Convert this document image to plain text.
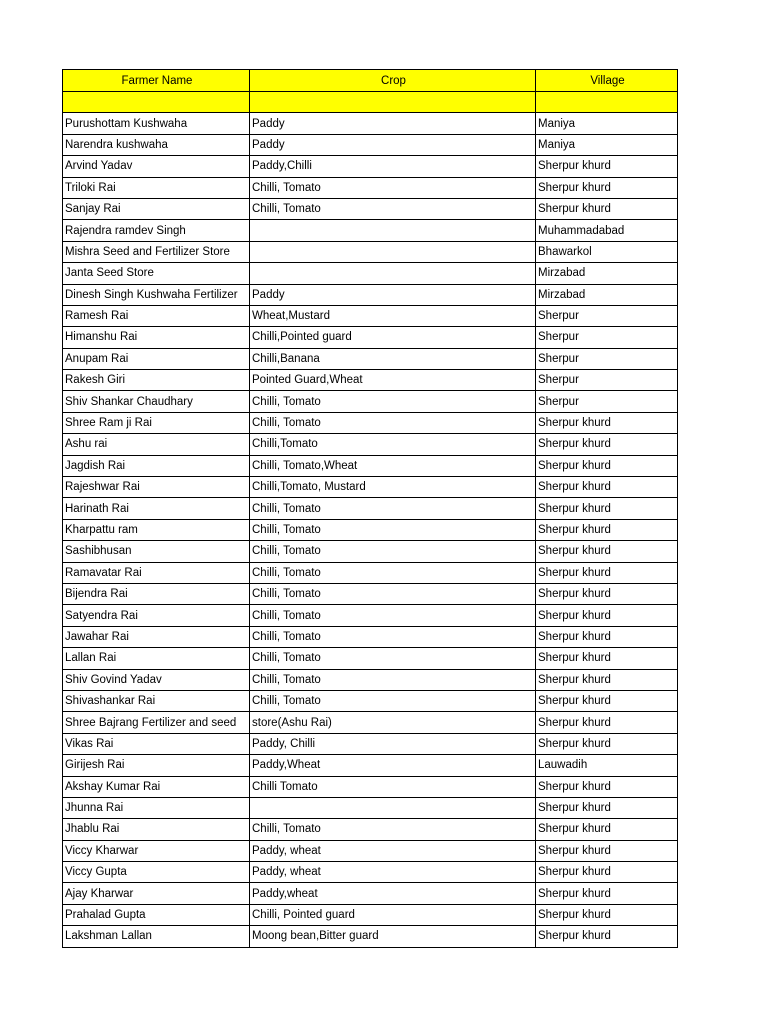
Farmer Name	Crop	Village

Purushottam Kushwaha	Paddy	Maniya
Narendra kushwaha	Paddy	Maniya
Arvind Yadav	Paddy,Chilli	Sherpur khurd
Triloki Rai	Chilli, Tomato	Sherpur khurd
Sanjay Rai	Chilli, Tomato	Sherpur khurd
Rajendra ramdev Singh		Muhammadabad
Mishra Seed and Fertilizer Store		Bhawarkol
Janta Seed Store		Mirzabad
Dinesh Singh Kushwaha Fertilizer	Paddy	Mirzabad
Ramesh Rai	Wheat,Mustard	Sherpur
Himanshu Rai	Chilli,Pointed guard	Sherpur
Anupam Rai	Chilli,Banana	Sherpur
Rakesh Giri	Pointed Guard,Wheat	Sherpur
Shiv Shankar Chaudhary	Chilli, Tomato	Sherpur
Shree Ram ji Rai	Chilli, Tomato	Sherpur khurd
Ashu rai	Chilli,Tomato	Sherpur khurd
Jagdish Rai	Chilli, Tomato,Wheat	Sherpur khurd
Rajeshwar Rai	Chilli,Tomato, Mustard	Sherpur khurd
Harinath Rai	Chilli, Tomato	Sherpur khurd
Kharpattu ram	Chilli, Tomato	Sherpur khurd
Sashibhusan	Chilli, Tomato	Sherpur khurd
Ramavatar Rai	Chilli, Tomato	Sherpur khurd
Bijendra Rai	Chilli, Tomato	Sherpur khurd
Satyendra Rai	Chilli, Tomato	Sherpur khurd
Jawahar Rai	Chilli, Tomato	Sherpur khurd
Lallan Rai	Chilli, Tomato	Sherpur khurd
Shiv Govind Yadav	Chilli, Tomato	Sherpur khurd
Shivashankar Rai	Chilli, Tomato	Sherpur khurd
Shree Bajrang Fertilizer and seed	store(Ashu Rai)	Sherpur khurd
Vikas Rai	Paddy, Chilli	Sherpur khurd
Girijesh Rai	Paddy,Wheat	Lauwadih
Akshay Kumar Rai	Chilli Tomato	Sherpur khurd
Jhunna Rai		Sherpur khurd
Jhablu Rai	Chilli, Tomato	Sherpur khurd
Viccy Kharwar	Paddy, wheat	Sherpur khurd
Viccy Gupta	Paddy, wheat	Sherpur khurd
Ajay Kharwar	Paddy,wheat	Sherpur khurd
Prahalad Gupta	Chilli, Pointed guard	Sherpur khurd
Lakshman Lallan	Moong bean,Bitter guard	Sherpur khurd
